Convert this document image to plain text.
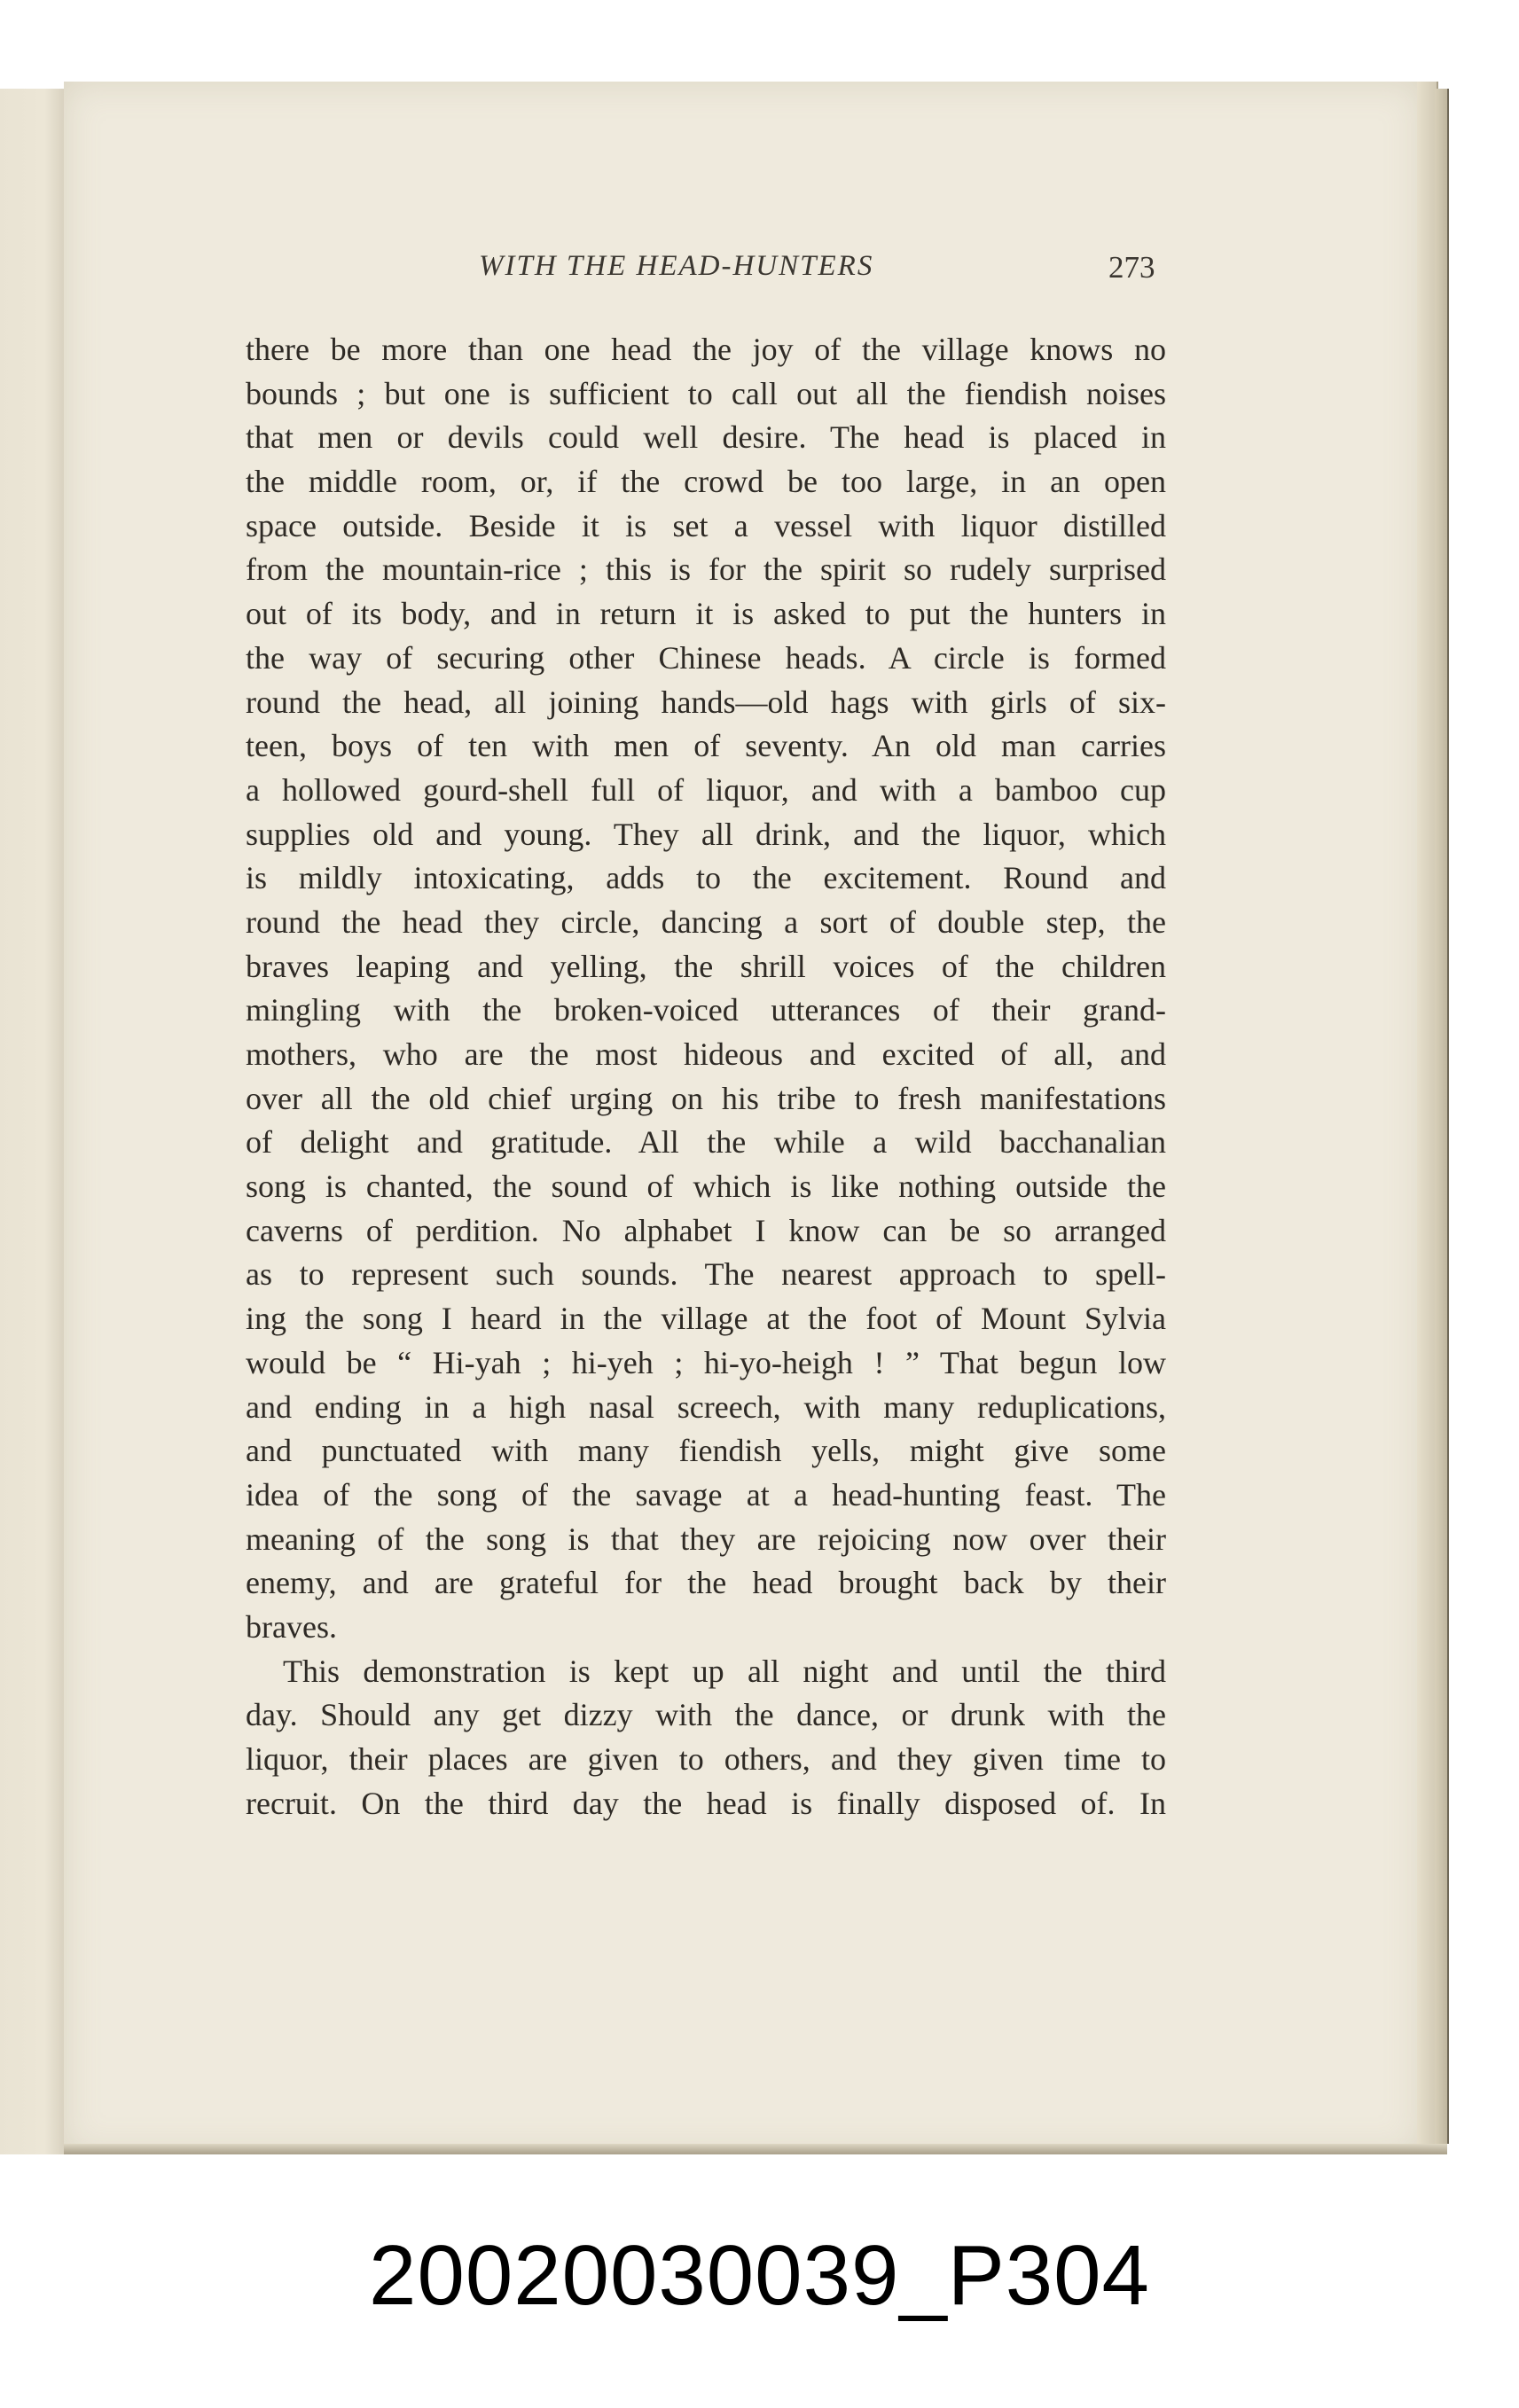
WITH THE HEAD-HUNTERS	273
there be more than one head the joy of the village knows no
bounds ; but one is sufficient to call out all the fiendish noises
that men or devils could well desire. The head is placed in
the middle room, or, if the crowd be too large, in an open
space outside. Beside it is set a vessel with liquor distilled
from the mountain-rice ; this is for the spirit so rudely surprised
out of its body, and in return it is asked to put the hunters in
the way of securing other Chinese heads. A circle is formed
round the head, all joining hands—old hags with girls of six-
teen, boys of ten with men of seventy. An old man carries
a hollowed gourd-shell full of liquor, and with a bamboo cup
supplies old and young. They all drink, and the liquor, which
is mildly intoxicating, adds to the excitement. Round and
round the head they circle, dancing a sort of double step, the
braves leaping and yelling, the shrill voices of the children
mingling with the broken-voiced utterances of their grand-
mothers, who are the most hideous and excited of all, and
over all the old chief urging on his tribe to fresh manifestations
of delight and gratitude. All the while a wild bacchanalian
song is chanted, the sound of which is like nothing outside the
caverns of perdition. No alphabet I know can be so arranged
as to represent such sounds. The nearest approach to spell-
ing the song I heard in the village at the foot of Mount Sylvia
would be “ Hi-yah ; hi-yeh ; hi-yo-heigh ! ” That begun low
and ending in a high nasal screech, with many reduplications,
and punctuated with many fiendish yells, might give some
idea of the song of the savage at a head-hunting feast. The
meaning of the song is that they are rejoicing now over their
enemy, and are grateful for the head brought back by their
braves.
This demonstration is kept up all night and until the third
day. Should any get dizzy with the dance, or drunk with the
liquor, their places are given to others, and they given time to
recruit. On the third day the head is finally disposed of. In
20020030039_P304
